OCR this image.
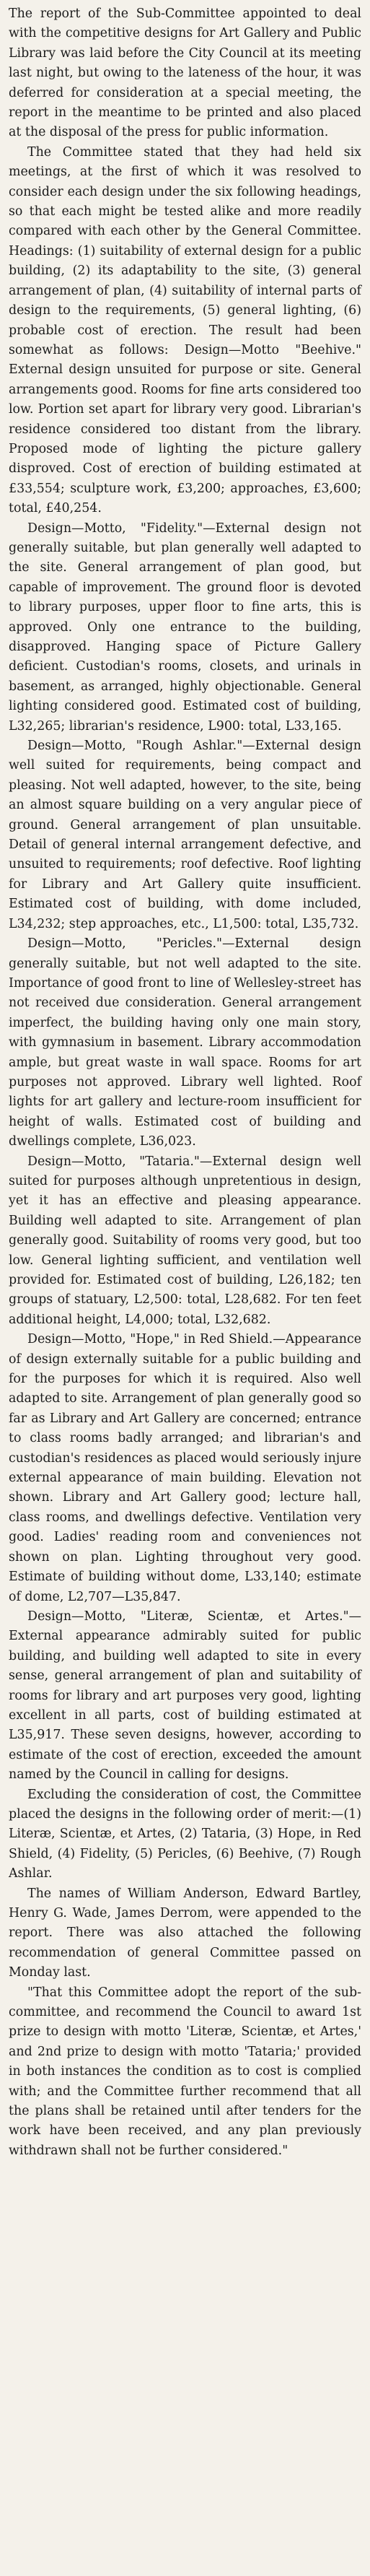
The report of the Sub-Committee appointed to deal with the competitive designs for Art Gallery and Public Library was laid before the City Council at its meeting last night, but owing to the lateness of the hour, it was deferred for consideration at a special meeting, the report in the meantime to be printed and also placed at the disposal of the press for public information.

The Committee stated that they had held six meetings, at the first of which it was resolved to consider each design under the six following headings, so that each might be tested alike and more readily compared with each other by the General Committee. Headings: (1) suitability of external design for a public building, (2) its adaptability to the site, (3) general arrangement of plan, (4) suitability of internal parts of design to the requirements, (5) general lighting, (6) probable cost of erection. The result had been somewhat as follows: Design—Motto "Beehive." External design unsuited for purpose or site. General arrangements good. Rooms for fine arts considered too low. Portion set apart for library very good. Librarian's residence considered too distant from the library. Proposed mode of lighting the picture gallery disproved. Cost of erection of building estimated at £33,554; sculpture work, £3,200; approaches, £3,600; total, £40,254.

Design—Motto, "Fidelity."—External design not generally suitable, but plan generally well adapted to the site. General arrangement of plan good, but capable of improvement. The ground floor is devoted to library purposes, upper floor to fine arts, this is approved. Only one entrance to the building, disapproved. Hanging space of Picture Gallery deficient. Custodian's rooms, closets, and urinals in basement, as arranged, highly objectionable. General lighting considered good. Estimated cost of building, L32,265; librarian's residence, L900: total, L33,165.

Design—Motto, "Rough Ashlar."—External design well suited for requirements, being compact and pleasing. Not well adapted, however, to the site, being an almost square building on a very angular piece of ground. General arrangement of plan unsuitable. Detail of general internal arrangement defective, and unsuited to requirements; roof defective. Roof lighting for Library and Art Gallery quite insufficient. Estimated cost of building, with dome included, L34,232; step approaches, etc., L1,500: total, L35,732.

Design—Motto, "Pericles."—External design generally suitable, but not well adapted to the site. Importance of good front to line of Wellesley-street has not received due consideration. General arrangement imperfect, the building having only one main story, with gymnasium in basement. Library accommodation ample, but great waste in wall space. Rooms for art purposes not approved. Library well lighted. Roof lights for art gallery and lecture-room insufficient for height of walls. Estimated cost of building and dwellings complete, L36,023.

Design—Motto, "Tataria."—External design well suited for purposes although unpretentious in design, yet it has an effective and pleasing appearance. Building well adapted to site. Arrangement of plan generally good. Suitability of rooms very good, but too low. General lighting sufficient, and ventilation well provided for. Estimated cost of building, L26,182; ten groups of statuary, L2,500: total, L28,682. For ten feet additional height, L4,000; total, L32,682.

Design—Motto, "Hope," in Red Shield.—Appearance of design externally suitable for a public building and for the purposes for which it is required. Also well adapted to site. Arrangement of plan generally good so far as Library and Art Gallery are concerned; entrance to class rooms badly arranged; and librarian's and custodian's residences as placed would seriously injure external appearance of main building. Elevation not shown. Library and Art Gallery good; lecture hall, class rooms, and dwellings defective. Ventilation very good. Ladies' reading room and conveniences not shown on plan. Lighting throughout very good. Estimate of building without dome, L33,140; estimate of dome, L2,707—L35,847.

Design—Motto, "Literæ, Scientæ, et Artes."—External appearance admirably suited for public building, and building well adapted to site in every sense, general arrangement of plan and suitability of rooms for library and art purposes very good, lighting excellent in all parts, cost of building estimated at L35,917. These seven designs, however, according to estimate of the cost of erection, exceeded the amount named by the Council in calling for designs.

Excluding the consideration of cost, the Committee placed the designs in the following order of merit:—(1) Literæ, Scientæ, et Artes, (2) Tataria, (3) Hope, in Red Shield, (4) Fidelity, (5) Pericles, (6) Beehive, (7) Rough Ashlar.

The names of William Anderson, Edward Bartley, Henry G. Wade, James Derrom, were appended to the report. There was also attached the following recommendation of general Committee passed on Monday last.

"That this Committee adopt the report of the sub-committee, and recommend the Council to award 1st prize to design with motto 'Literæ, Scientæ, et Artes,' and 2nd prize to design with motto 'Tataria;' provided in both instances the condition as to cost is complied with; and the Committee further recommend that all the plans shall be retained until after tenders for the work have been received, and any plan previously withdrawn shall not be further considered."
